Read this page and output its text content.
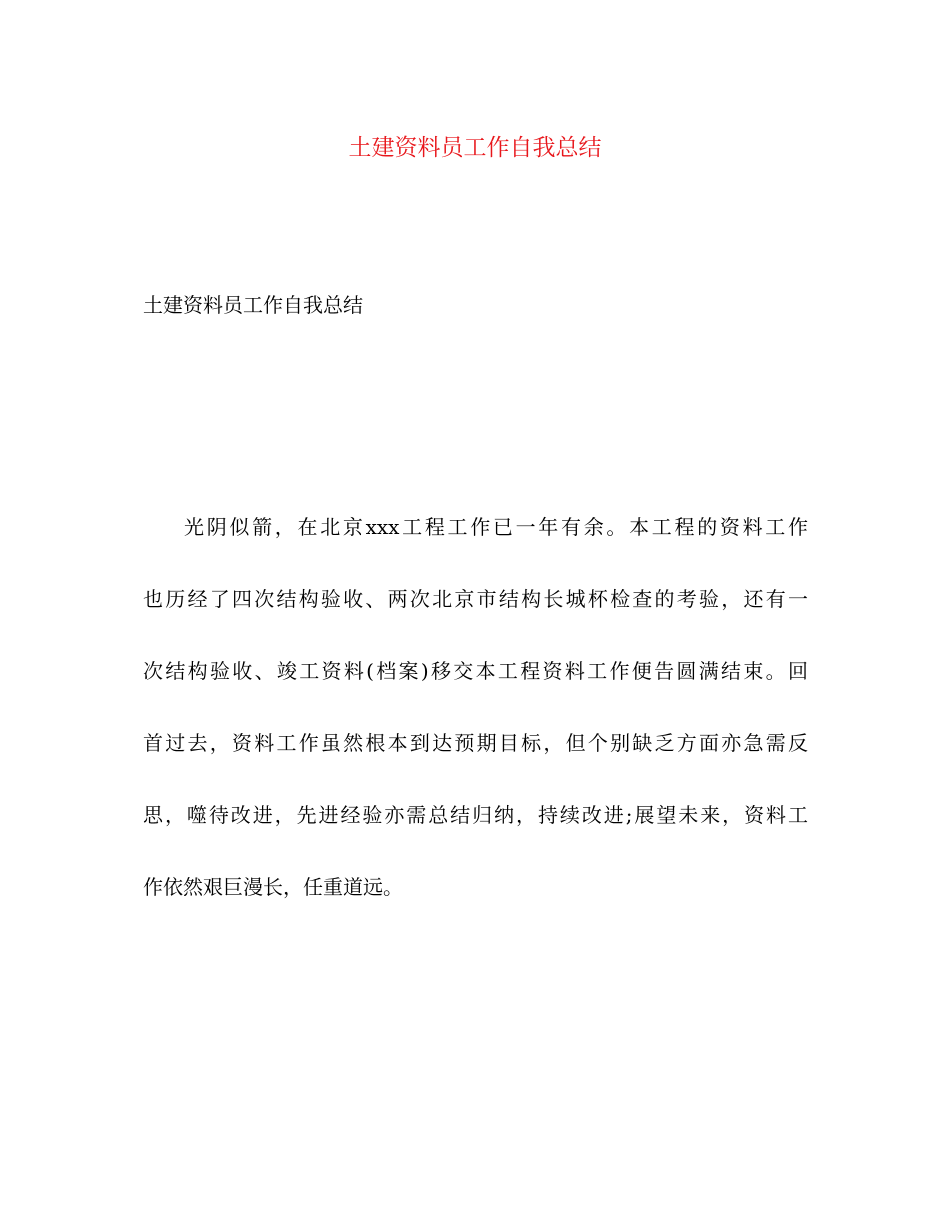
土建资料员工作自我总结

土建资料员工作自我总结

光阴似箭，在北京xxx工程工作已一年有余。本工程的资料工作
也历经了四次结构验收、两次北京市结构长城杯检查的考验，还有一
次结构验收、竣工资料(档案)移交本工程资料工作便告圆满结束。回
首过去，资料工作虽然根本到达预期目标，但个别缺乏方面亦急需反
思，噬待改进，先进经验亦需总结归纳，持续改进;展望未来，资料工
作依然艰巨漫长，任重道远。
